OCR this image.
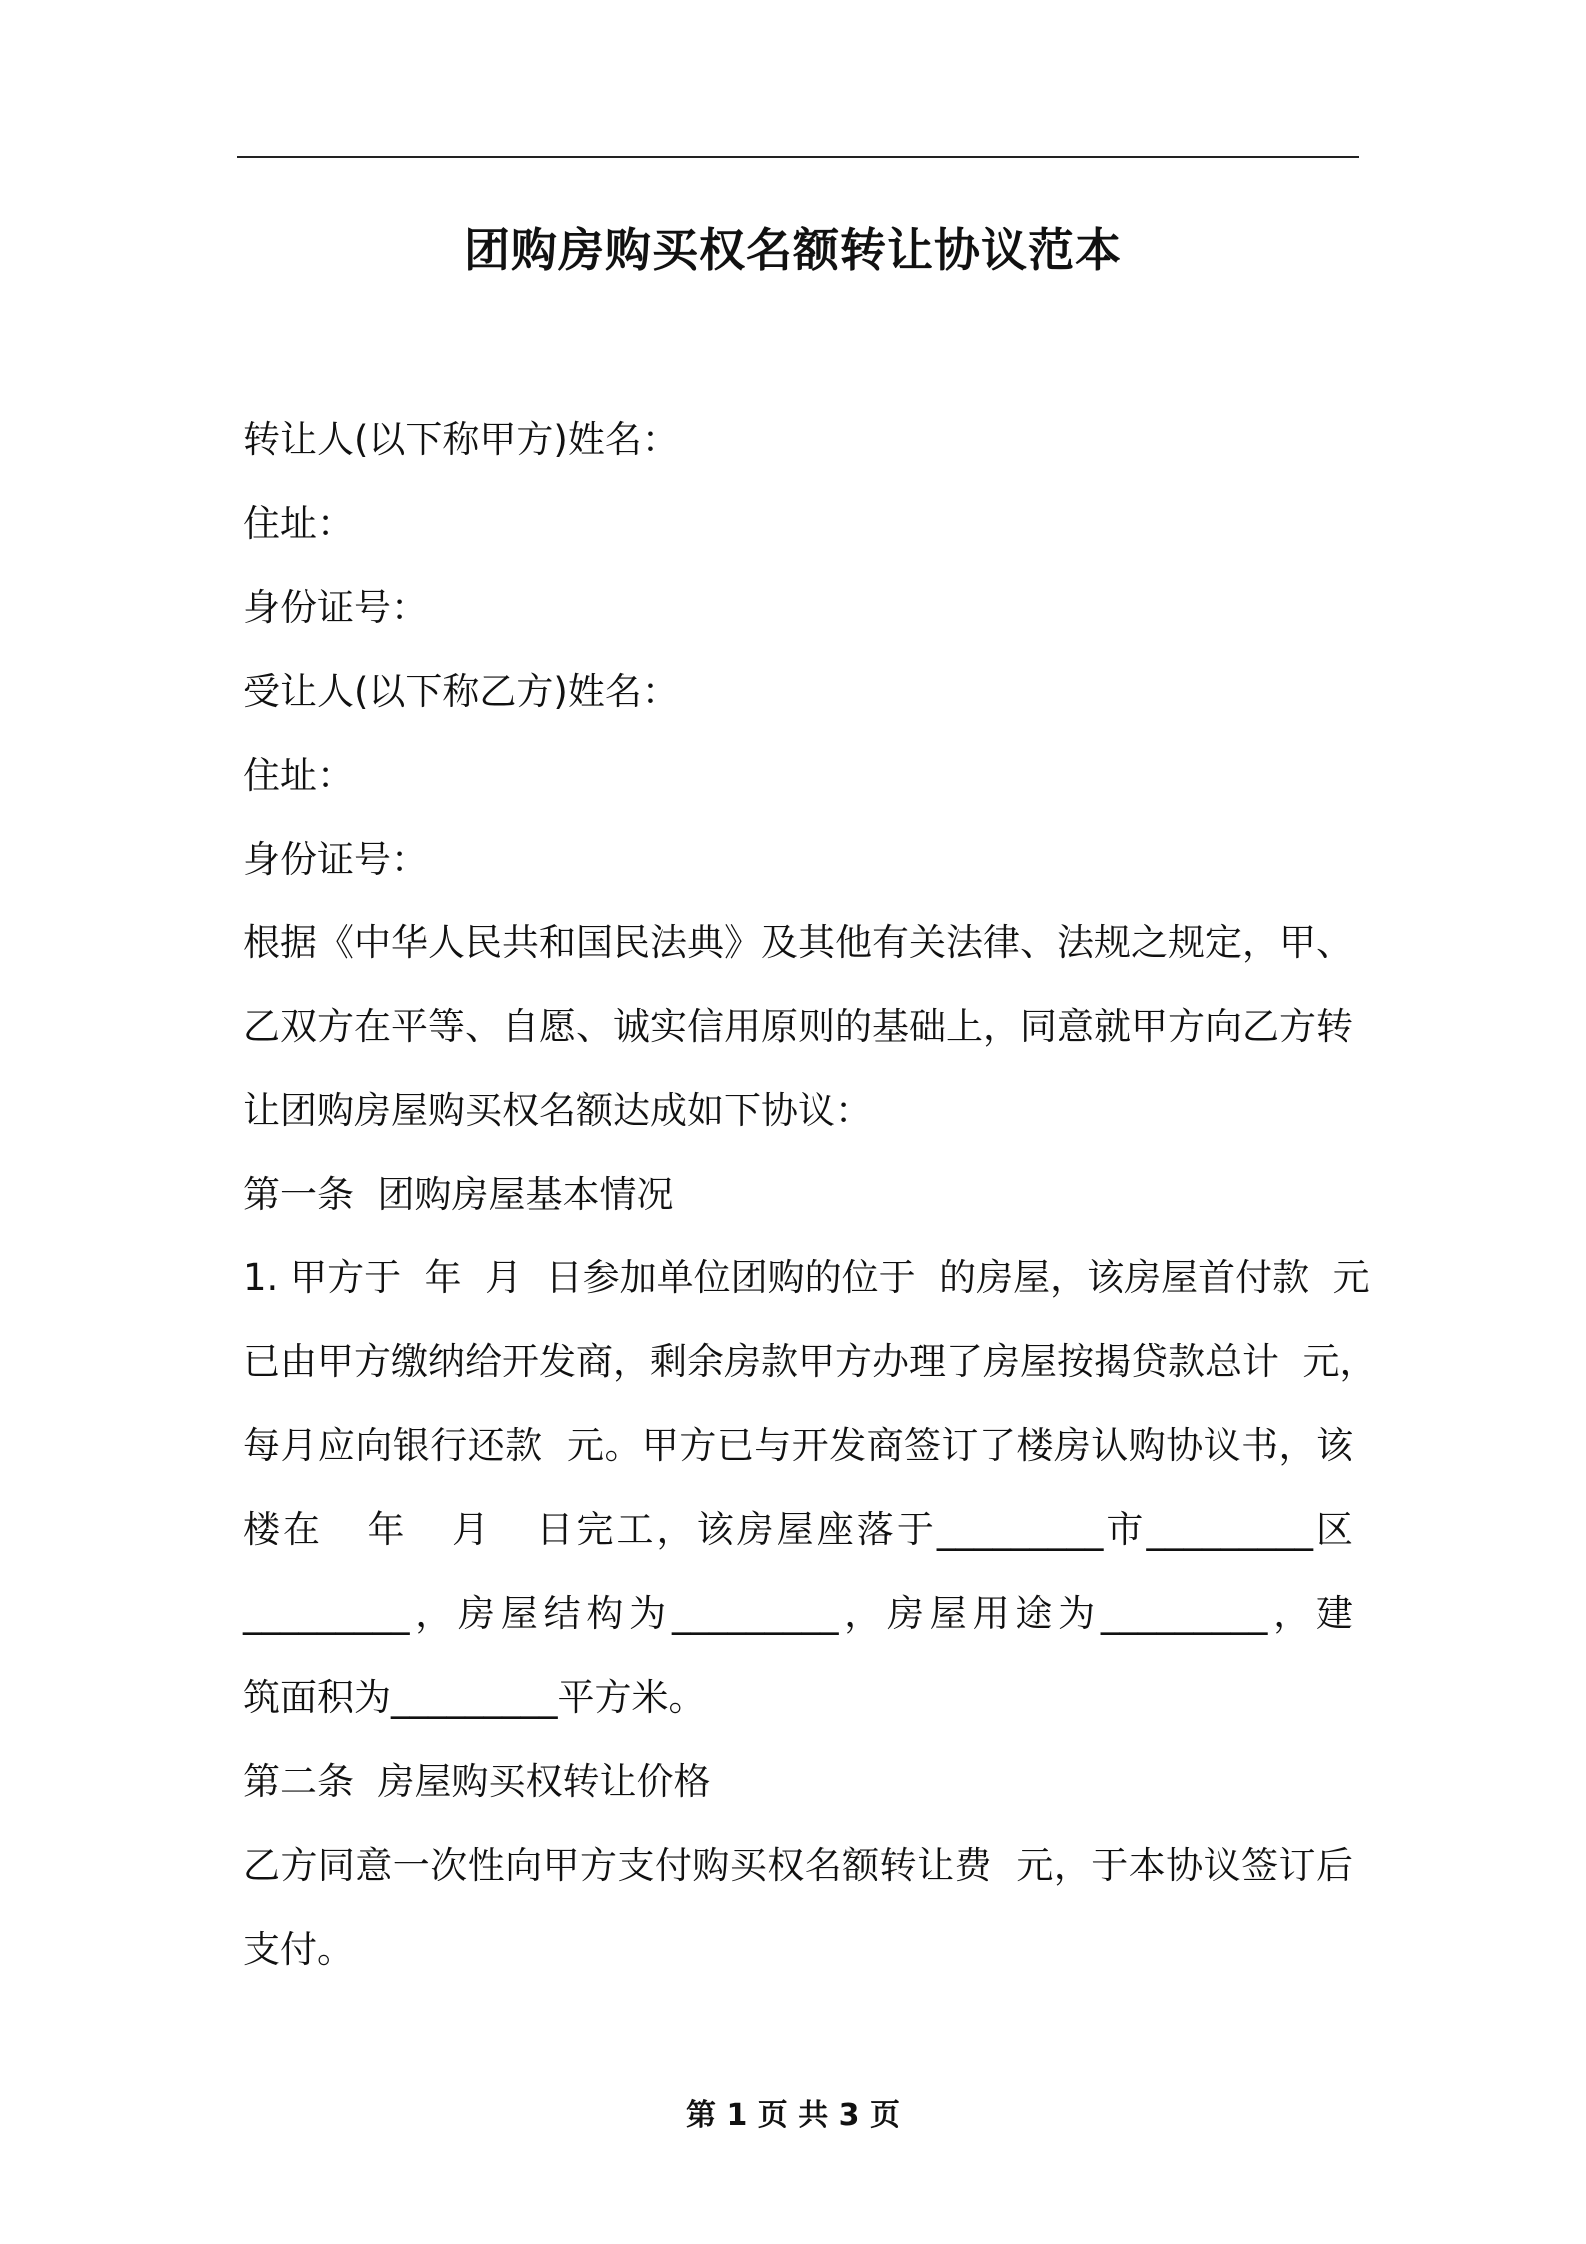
团购房购买权名额转让协议范本
转让人(以下称甲方)姓名：
住址：
身份证号：
受让人(以下称乙方)姓名：
住址：
身份证号：
根据《中华人民共和国民法典》及其他有关法律、法规之规定，甲、
乙双方在平等、自愿、诚实信用原则的基础上，同意就甲方向乙方转
让团购房屋购买权名额达成如下协议：
第一条  团购房屋基本情况
1. 甲方于  年  月  日参加单位团购的位于  的房屋，该房屋首付款  元
已由甲方缴纳给开发商，剩余房款甲方办理了房屋按揭贷款总计  元，
每月应向银行还款  元。甲方已与开发商签订了楼房认购协议书，该
楼在   年   月   日完工，该房屋座落于_________市_________区
_________，房屋结构为_________，房屋用途为_________，建
筑面积为_________平方米。
第二条  房屋购买权转让价格
乙方同意一次性向甲方支付购买权名额转让费  元，于本协议签订后
支付。
第 1 页 共 3 页
